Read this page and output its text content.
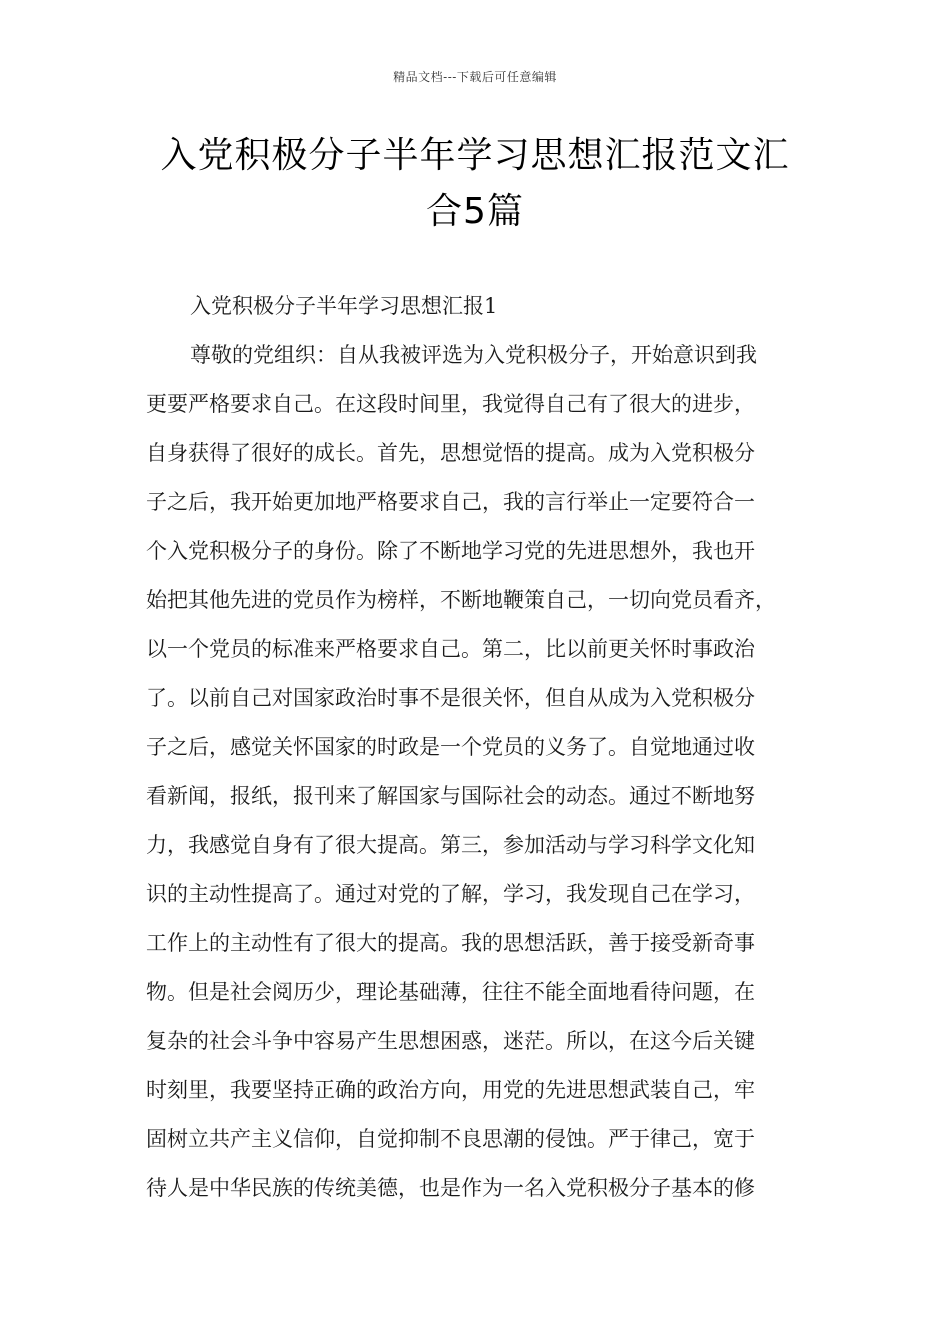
精品文档---下载后可任意编辑
入党积极分子半年学习思想汇报范文汇
合5篇
入党积极分子半年学习思想汇报1
尊敬的党组织：自从我被评选为入党积极分子，开始意识到我
更要严格要求自己。在这段时间里，我觉得自己有了很大的进步，
自身获得了很好的成长。首先，思想觉悟的提高。成为入党积极分
子之后，我开始更加地严格要求自己，我的言行举止一定要符合一
个入党积极分子的身份。除了不断地学习党的先进思想外，我也开
始把其他先进的党员作为榜样，不断地鞭策自己，一切向党员看齐，
以一个党员的标准来严格要求自己。第二，比以前更关怀时事政治
了。以前自己对国家政治时事不是很关怀，但自从成为入党积极分
子之后，感觉关怀国家的时政是一个党员的义务了。自觉地通过收
看新闻，报纸，报刊来了解国家与国际社会的动态。通过不断地努
力，我感觉自身有了很大提高。第三，参加活动与学习科学文化知
识的主动性提高了。通过对党的了解，学习，我发现自己在学习，
工作上的主动性有了很大的提高。我的思想活跃，善于接受新奇事
物。但是社会阅历少，理论基础薄，往往不能全面地看待问题，在
复杂的社会斗争中容易产生思想困惑，迷茫。所以，在这今后关键
时刻里，我要坚持正确的政治方向，用党的先进思想武装自己，牢
固树立共产主义信仰，自觉抑制不良思潮的侵蚀。严于律己，宽于
待人是中华民族的传统美德，也是作为一名入党积极分子基本的修
